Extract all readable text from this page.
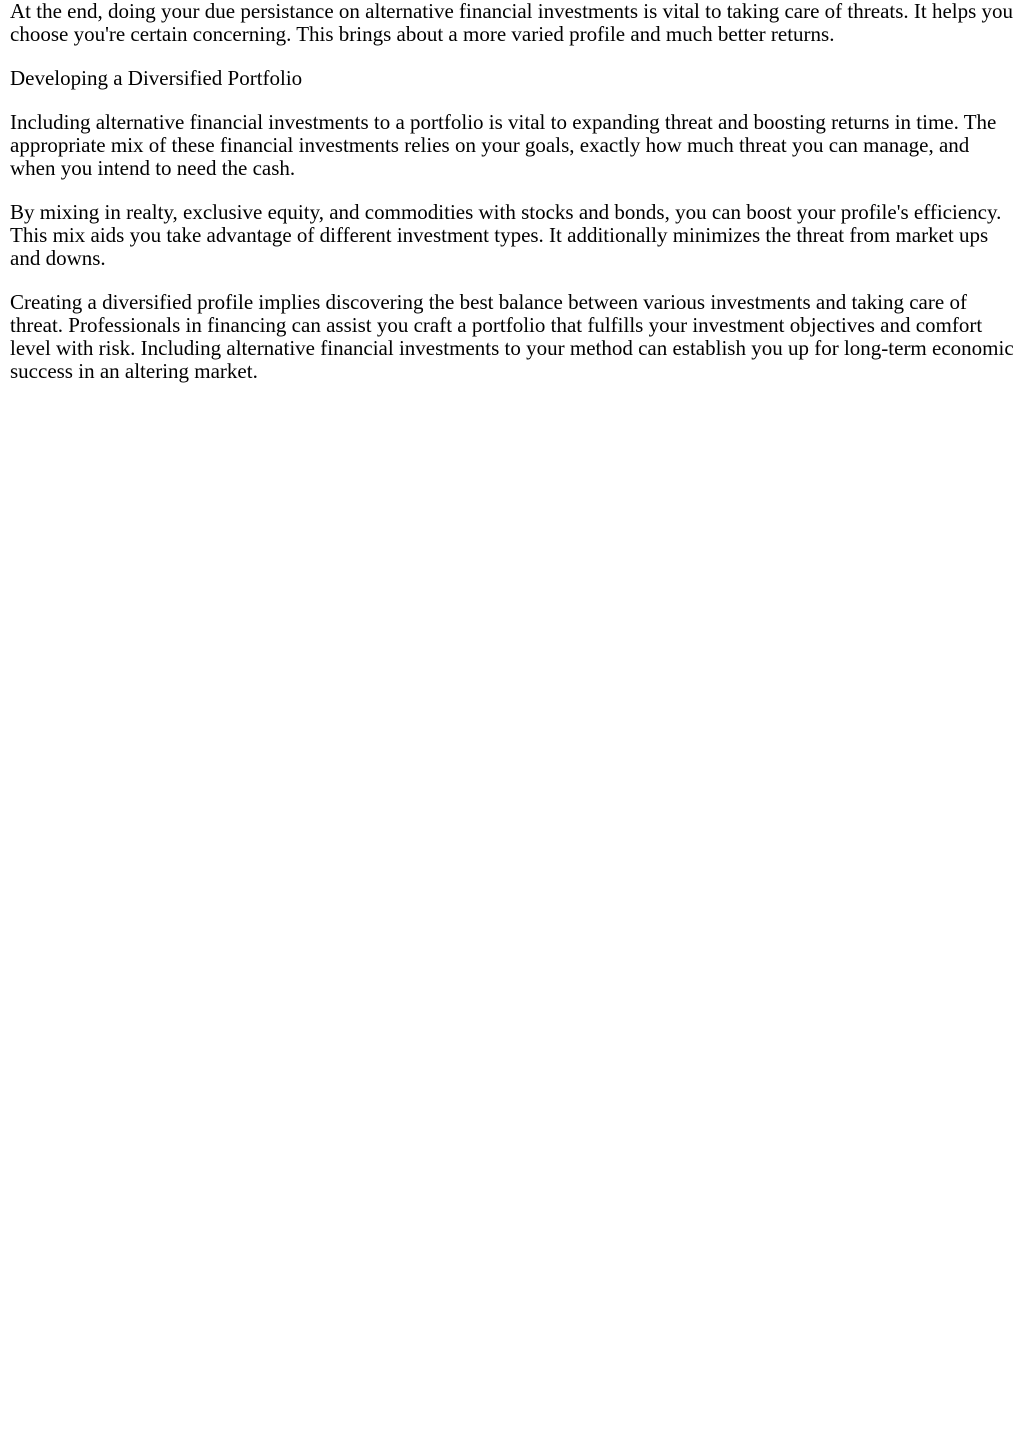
At the end, doing your due persistance on alternative financial investments is vital to taking care of threats. It helps you choose you're certain concerning. This brings about a more varied profile and much better returns.

Developing a Diversified Portfolio

Including alternative financial investments to a portfolio is vital to expanding threat and boosting returns in time. The appropriate mix of these financial investments relies on your goals, exactly how much threat you can manage, and when you intend to need the cash.

By mixing in realty, exclusive equity, and commodities with stocks and bonds, you can boost your profile's efficiency. This mix aids you take advantage of different investment types. It additionally minimizes the threat from market ups and downs.

Creating a diversified profile implies discovering the best balance between various investments and taking care of threat. Professionals in financing can assist you craft a portfolio that fulfills your investment objectives and comfort level with risk. Including alternative financial investments to your method can establish you up for long-term economic success in an altering market.
